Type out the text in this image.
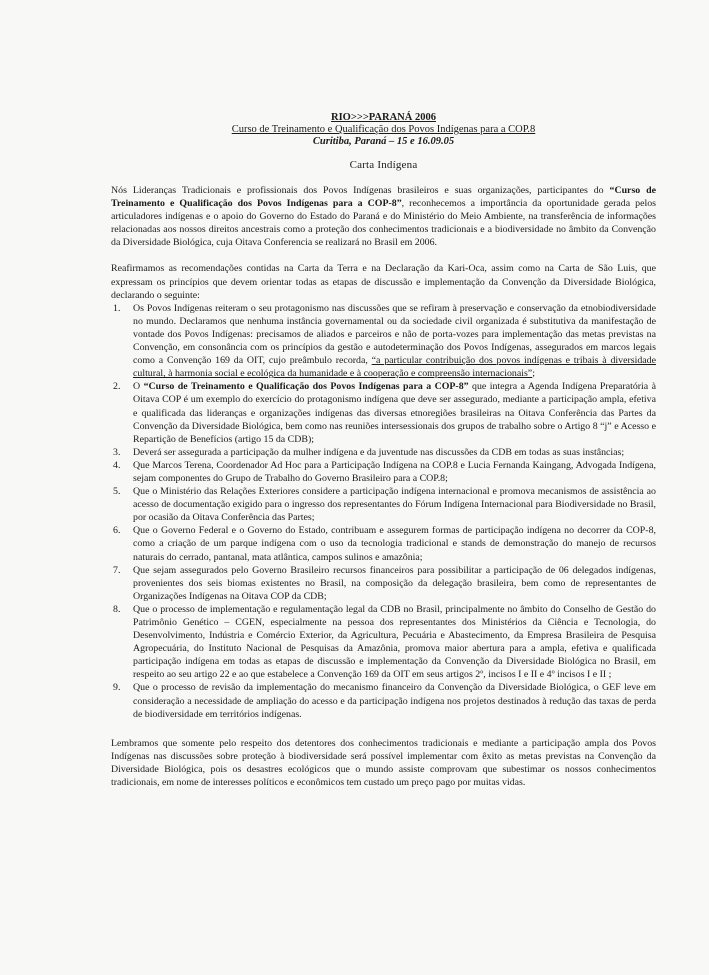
RIO>>>PARANÁ 2006
Curso de Treinamento e Qualificação dos Povos Indígenas para a COP.8
Curitiba, Paraná – 15 e 16.09.05
Carta Indígena

Nós Lideranças Tradicionais e profissionais dos Povos Indígenas brasileiros e suas organizações, participantes do “Curso de Treinamento e Qualificação dos Povos Indígenas para a COP-8”, reconhecemos a importância da oportunidade gerada pelos articuladores indígenas e o apoio do Governo do Estado do Paraná e do Ministério do Meio Ambiente, na transferência de informações relacionadas aos nossos direitos ancestrais como a proteção dos conhecimentos tradicionais e a biodiversidade no âmbito da Convenção da Diversidade Biológica, cuja Oitava Conferencia se realizará no Brasil em 2006.

Reafirmamos as recomendações contidas na Carta da Terra e na Declaração da Kari-Oca, assim como na Carta de São Luis, que expressam os princípios que devem orientar todas as etapas de discussão e implementação da Convenção da Diversidade Biológica, declarando o seguinte:

1. Os Povos Indígenas reiteram o seu protagonismo nas discussões que se refiram à preservação e conservação da etnobiodiversidade no mundo. Declaramos que nenhuma instância governamental ou da sociedade civil organizada é substitutiva da manifestação de vontade dos Povos Indígenas: precisamos de aliados e parceiros e não de porta-vozes para implementação das metas previstas na Convenção, em consonância com os princípios da gestão e autodeterminação dos Povos Indígenas, assegurados em marcos legais como a Convenção 169 da OIT, cujo preâmbulo recorda, “a particular contribuição dos povos indígenas e tribais à diversidade cultural, à harmonia social e ecológica da humanidade e à cooperação e compreensão internacionais”;
2. O “Curso de Treinamento e Qualificação dos Povos Indígenas para a COP-8” que integra a Agenda Indígena Preparatória à Oitava COP é um exemplo do exercício do protagonismo indígena que deve ser assegurado, mediante a participação ampla, efetiva e qualificada das lideranças e organizações indígenas das diversas etnoregiões brasileiras na Oitava Conferência das Partes da Convenção da Diversidade Biológica, bem como nas reuniões intersessionais dos grupos de trabalho sobre o Artigo 8 “j” e Acesso e Repartição de Benefícios (artigo 15 da CDB);
3. Deverá ser assegurada a participação da mulher indígena e da juventude nas discussões da CDB em todas as suas instâncias;
4. Que Marcos Terena, Coordenador Ad Hoc para a Participação Indígena na COP.8 e Lucia Fernanda Kaingang, Advogada Indígena, sejam componentes do Grupo de Trabalho do Governo Brasileiro para a COP.8;
5. Que o Ministério das Relações Exteriores considere a participação indígena internacional e promova mecanismos de assistência ao acesso de documentação exigido para o ingresso dos representantes do Fórum Indígena Internacional para Biodiversidade no Brasil, por ocasião da Oitava Conferência das Partes;
6. Que o Governo Federal e o Governo do Estado, contribuam e assegurem formas de participação indígena no decorrer da COP-8, como a criação de um parque indígena com o uso da tecnologia tradicional e stands de demonstração do manejo de recursos naturais do cerrado, pantanal, mata atlântica, campos sulinos e amazônia;
7. Que sejam assegurados pelo Governo Brasileiro recursos financeiros para possibilitar a participação de 06 delegados indígenas, provenientes dos seis biomas existentes no Brasil, na composição da delegação brasileira, bem como de representantes de Organizações Indígenas na Oitava COP da CDB;
8. Que o processo de implementação e regulamentação legal da CDB no Brasil, principalmente no âmbito do Conselho de Gestão do Patrimônio Genético – CGEN, especialmente na pessoa dos representantes dos Ministérios da Ciência e Tecnologia, do Desenvolvimento, Indústria e Comércio Exterior, da Agricultura, Pecuária e Abastecimento, da Empresa Brasileira de Pesquisa Agropecuária, do Instituto Nacional de Pesquisas da Amazônia, promova maior abertura para a ampla, efetiva e qualificada participação indígena em todas as etapas de discussão e implementação da Convenção da Diversidade Biológica no Brasil, em respeito ao seu artigo 22 e ao que estabelece a Convenção 169 da OIT em seus artigos 2º, incisos I e II e 4º incisos I e II ;
9. Que o processo de revisão da implementação do mecanismo financeiro da Convenção da Diversidade Biológica, o GEF leve em consideração a necessidade de ampliação do acesso e da participação indígena nos projetos destinados à redução das taxas de perda de biodiversidade em territórios indígenas.

Lembramos que somente pelo respeito dos detentores dos conhecimentos tradicionais e mediante a participação ampla dos Povos Indígenas nas discussões sobre proteção à biodiversidade será possível implementar com êxito as metas previstas na Convenção da Diversidade Biológica, pois os desastres ecológicos que o mundo assiste comprovam que subestimar os nossos conhecimentos tradicionais, em nome de interesses políticos e econômicos tem custado um preço pago por muitas vidas.
